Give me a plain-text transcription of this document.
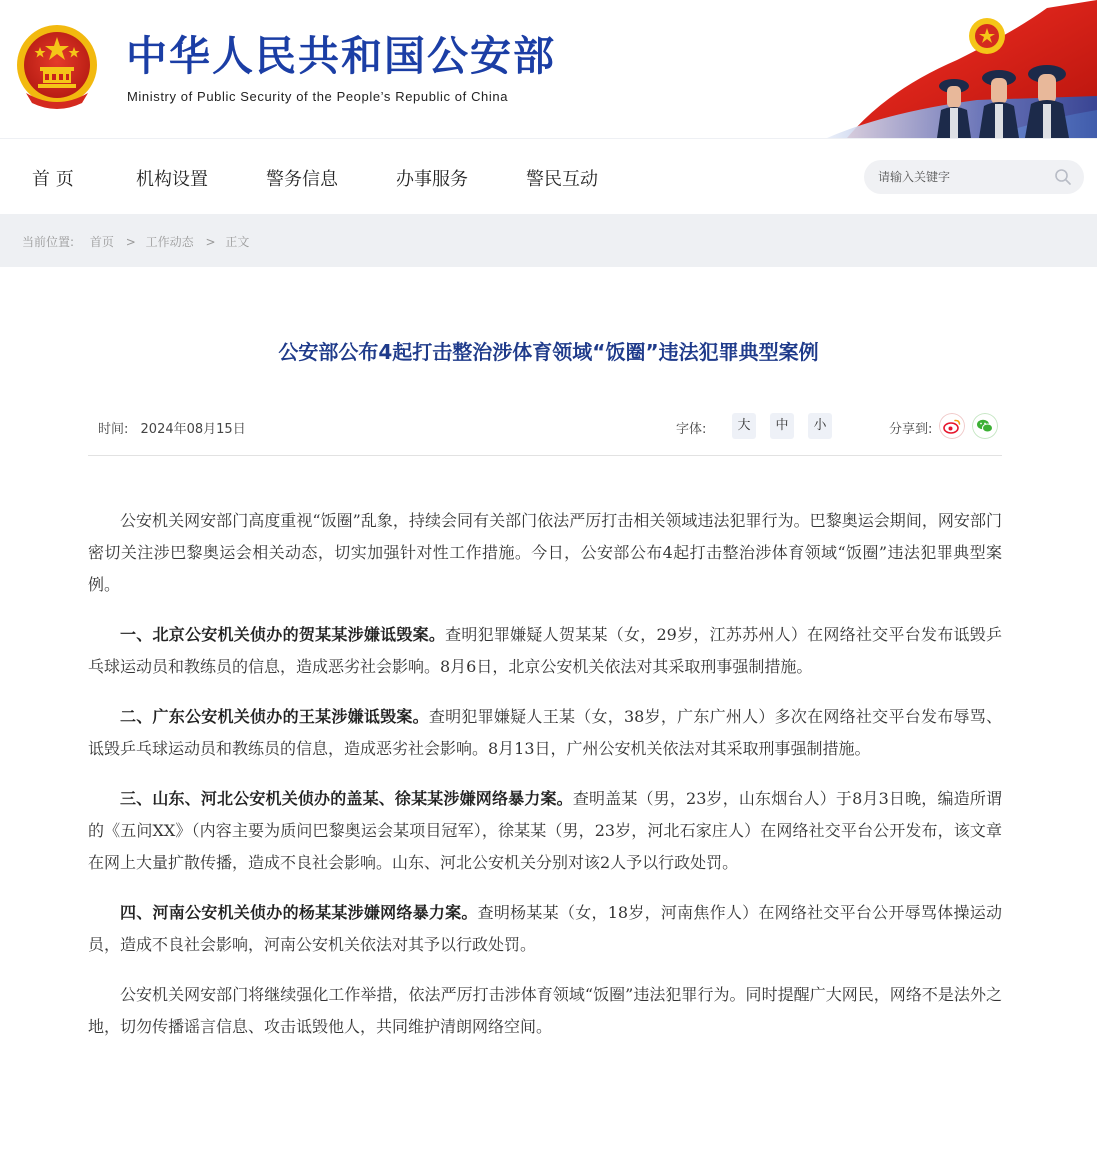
中华人民共和国公安部
Ministry of Public Security of the People’s Republic of China
首 页	机构设置	警务信息	办事服务	警民互动
请输入关键字
当前位置: 首页 > 工作动态 > 正文
公安部公布4起打击整治涉体育领域“饭圈”违法犯罪典型案例
时间: 2024年08月15日	字体:	大	中	小	分享到:

公安机关网安部门高度重视“饭圈”乱象，持续会同有关部门依法严厉打击相关领域违法犯罪行为。巴黎奥运会期间，网安部门密切关注涉巴黎奥运会相关动态，切实加强针对性工作措施。今日，公安部公布4起打击整治涉体育领域“饭圈”违法犯罪典型案例。

一、北京公安机关侦办的贺某某涉嫌诋毁案。查明犯罪嫌疑人贺某某（女，29岁，江苏苏州人）在网络社交平台发布诋毁乒乓球运动员和教练员的信息，造成恶劣社会影响。8月6日，北京公安机关依法对其采取刑事强制措施。

二、广东公安机关侦办的王某涉嫌诋毁案。查明犯罪嫌疑人王某（女，38岁，广东广州人）多次在网络社交平台发布辱骂、诋毁乒乓球运动员和教练员的信息，造成恶劣社会影响。8月13日，广州公安机关依法对其采取刑事强制措施。

三、山东、河北公安机关侦办的盖某、徐某某涉嫌网络暴力案。查明盖某（男，23岁，山东烟台人）于8月3日晚，编造所谓的《五问XX》（内容主要为质问巴黎奥运会某项目冠军），徐某某（男，23岁，河北石家庄人）在网络社交平台公开发布，该文章在网上大量扩散传播，造成不良社会影响。山东、河北公安机关分别对该2人予以行政处罚。

四、河南公安机关侦办的杨某某涉嫌网络暴力案。查明杨某某（女，18岁，河南焦作人）在网络社交平台公开辱骂体操运动员，造成不良社会影响，河南公安机关依法对其予以行政处罚。

公安机关网安部门将继续强化工作举措，依法严厉打击涉体育领域“饭圈”违法犯罪行为。同时提醒广大网民，网络不是法外之地，切勿传播谣言信息、攻击诋毁他人，共同维护清朗网络空间。
